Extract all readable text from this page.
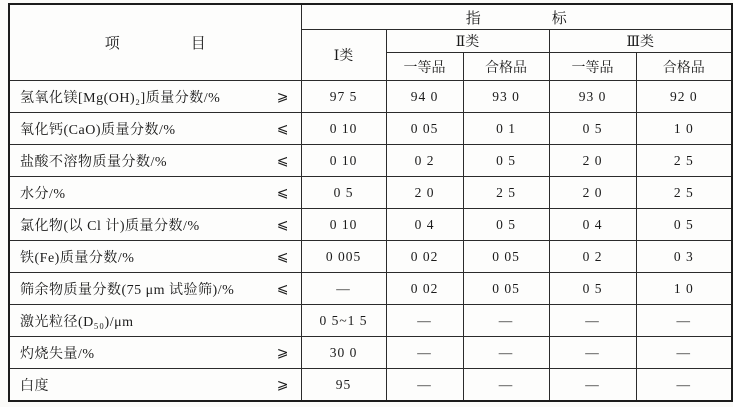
项　目	指　标				
	Ⅰ类	Ⅱ类		Ⅲ类	
		一等品	合格品	一等品	合格品

氢氧化镁[Mg(OH)₂]质量分数/% ⩾	97 5	94 0	93 0	93 0	92 0

氧化钙(CaO)质量分数/% ⩽	0 10	0 05	0 1	0 5	1 0

盐酸不溶物质量分数/% ⩽	0 10	0 2	0 5	2 0	2 5

水分/% ⩽	0 5	2 0	2 5	2 0	2 5

氯化物(以 Cl 计)质量分数/% ⩽	0 10	0 4	0 5	0 4	0 5

铁(Fe)质量分数/% ⩽	0 005	0 02	0 05	0 2	0 3

筛余物质量分数(75 μm 试验筛)/% ⩽	—	0 02	0 05	0 5	1 0

激光粒径(D₅₀)/μm	0 5~1 5	—	—	—	—

灼烧失量/% ⩾	30 0	—	—	—	—

白度 ⩾	95	—	—	—	—
